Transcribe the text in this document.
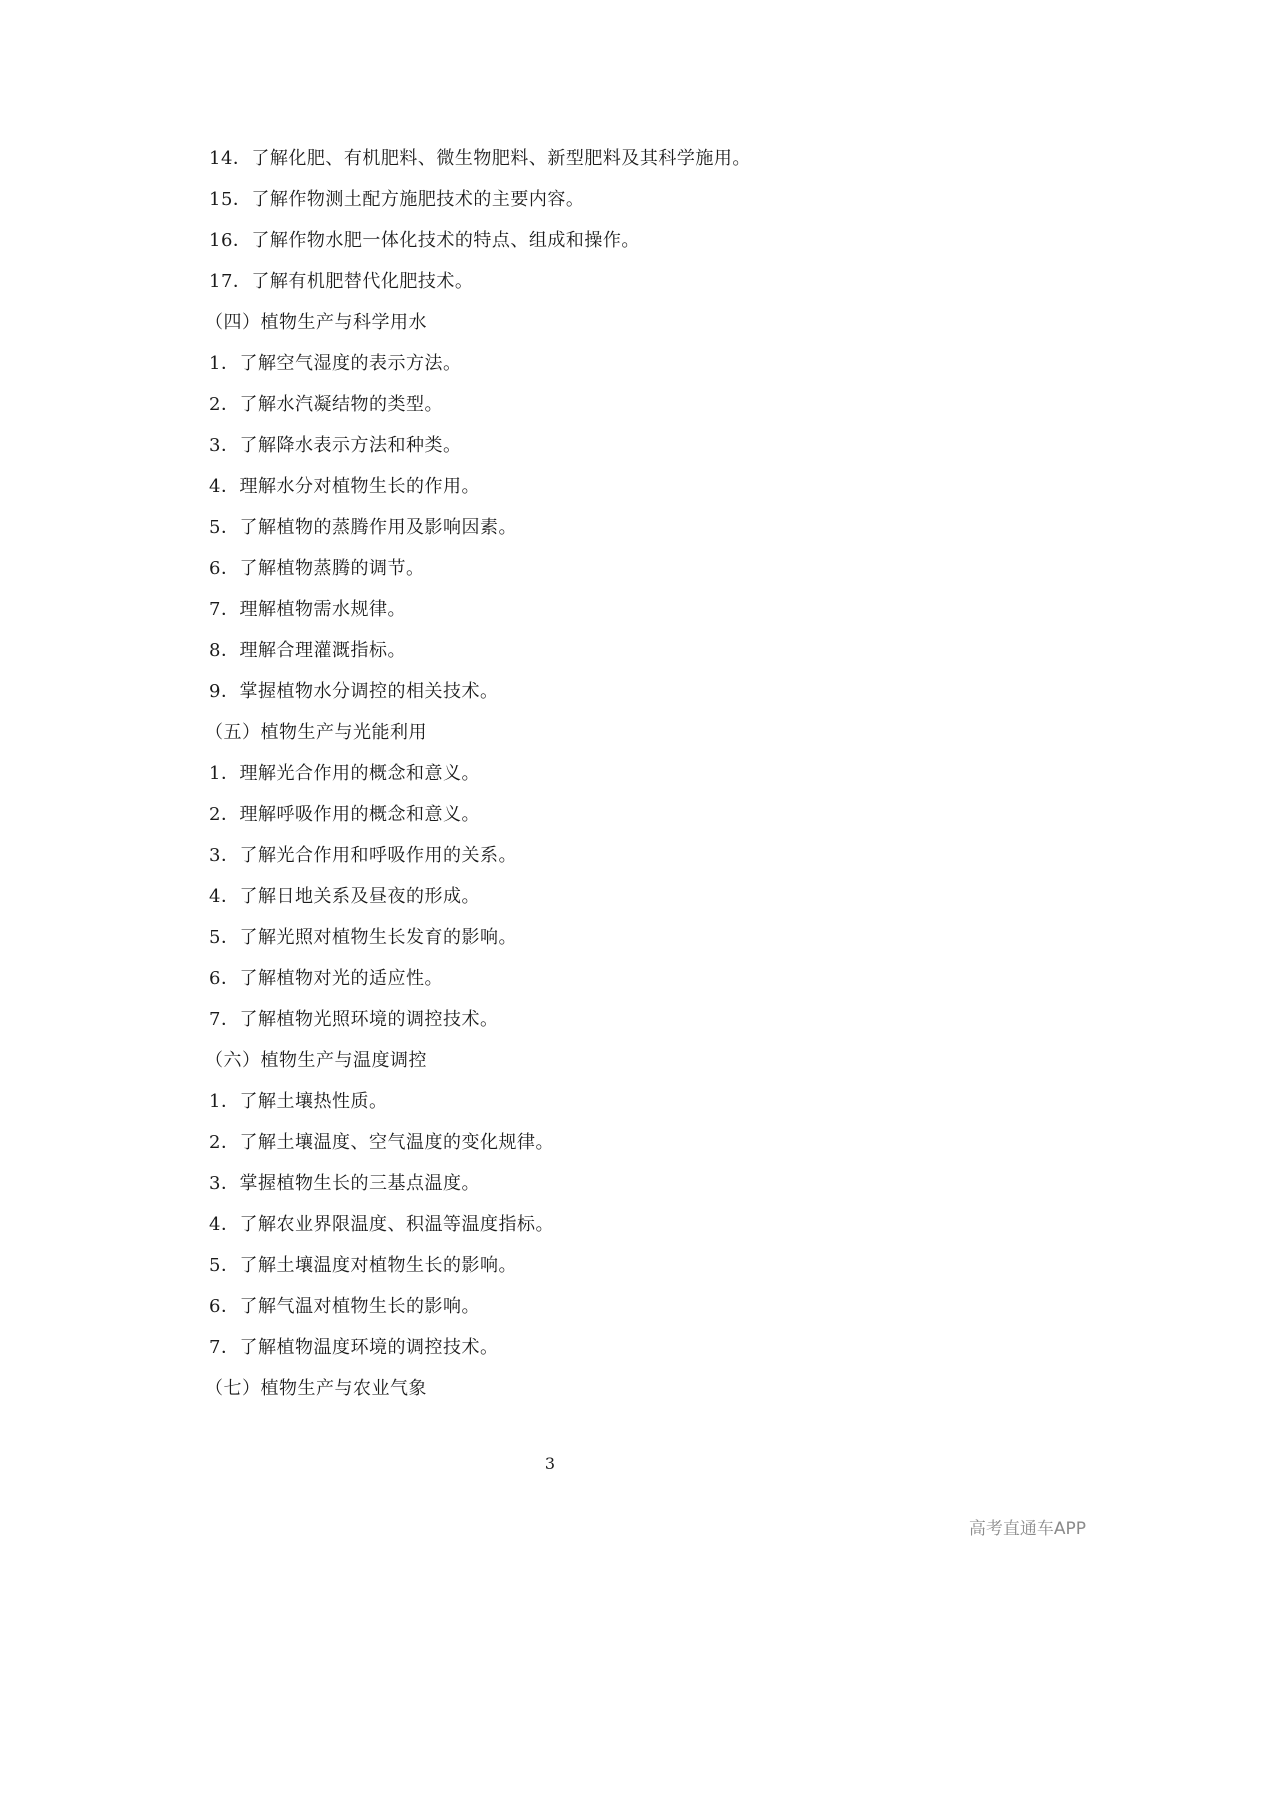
14．了解化肥、有机肥料、微生物肥料、新型肥料及其科学施用。
15．了解作物测土配方施肥技术的主要内容。
16．了解作物水肥一体化技术的特点、组成和操作。
17．了解有机肥替代化肥技术。
（四）植物生产与科学用水
1．了解空气湿度的表示方法。
2．了解水汽凝结物的类型。
3．了解降水表示方法和种类。
4．理解水分对植物生长的作用。
5．了解植物的蒸腾作用及影响因素。
6．了解植物蒸腾的调节。
7．理解植物需水规律。
8．理解合理灌溉指标。
9．掌握植物水分调控的相关技术。
（五）植物生产与光能利用
1．理解光合作用的概念和意义。
2．理解呼吸作用的概念和意义。
3．了解光合作用和呼吸作用的关系。
4．了解日地关系及昼夜的形成。
5．了解光照对植物生长发育的影响。
6．了解植物对光的适应性。
7．了解植物光照环境的调控技术。
（六）植物生产与温度调控
1．了解土壤热性质。
2．了解土壤温度、空气温度的变化规律。
3．掌握植物生长的三基点温度。
4．了解农业界限温度、积温等温度指标。
5．了解土壤温度对植物生长的影响。
6．了解气温对植物生长的影响。
7．了解植物温度环境的调控技术。
（七）植物生产与农业气象
3
高考直通车APP
